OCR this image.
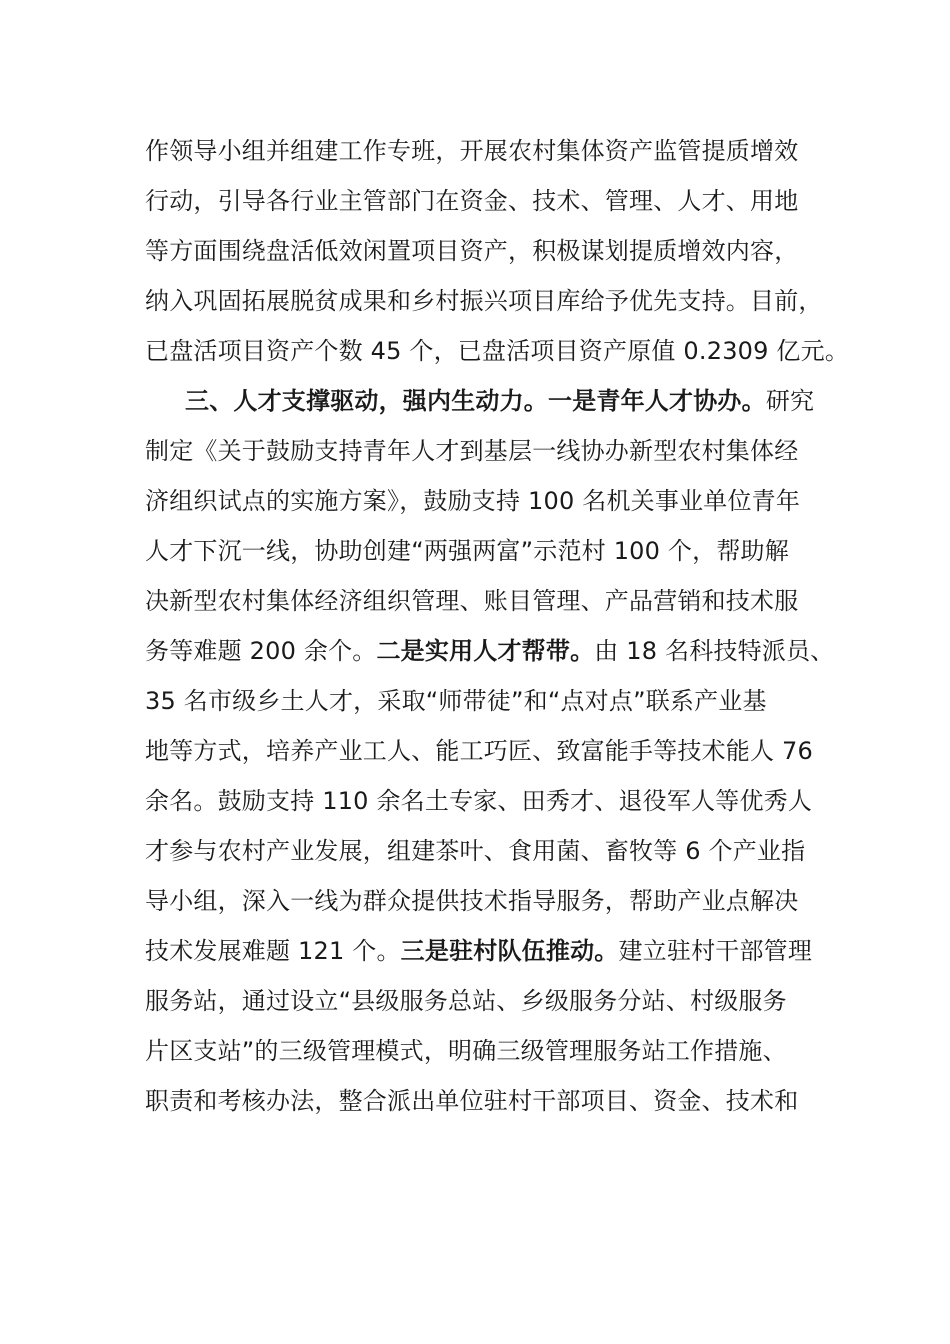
作领导小组并组建工作专班，开展农村集体资产监管提质增效
行动，引导各行业主管部门在资金、技术、管理、人才、用地
等方面围绕盘活低效闲置项目资产，积极谋划提质增效内容，
纳入巩固拓展脱贫成果和乡村振兴项目库给予优先支持。目前，
已盘活项目资产个数 45 个，已盘活项目资产原值 0.2309 亿元。
三、人才支撑驱动，强内生动力。一是青年人才协办。研究
制定《关于鼓励支持青年人才到基层一线协办新型农村集体经
济组织试点的实施方案》，鼓励支持 100 名机关事业单位青年
人才下沉一线，协助创建“两强两富”示范村 100 个，帮助解
决新型农村集体经济组织管理、账目管理、产品营销和技术服
务等难题 200 余个。二是实用人才帮带。由 18 名科技特派员、
35 名市级乡土人才，采取“师带徒”和“点对点”联系产业基
地等方式，培养产业工人、能工巧匠、致富能手等技术能人 76
余名。鼓励支持 110 余名土专家、田秀才、退役军人等优秀人
才参与农村产业发展，组建茶叶、食用菌、畜牧等 6 个产业指
导小组，深入一线为群众提供技术指导服务，帮助产业点解决
技术发展难题 121 个。三是驻村队伍推动。建立驻村干部管理
服务站，通过设立“县级服务总站、乡级服务分站、村级服务
片区支站”的三级管理模式，明确三级管理服务站工作措施、
职责和考核办法，整合派出单位驻村干部项目、资金、技术和
